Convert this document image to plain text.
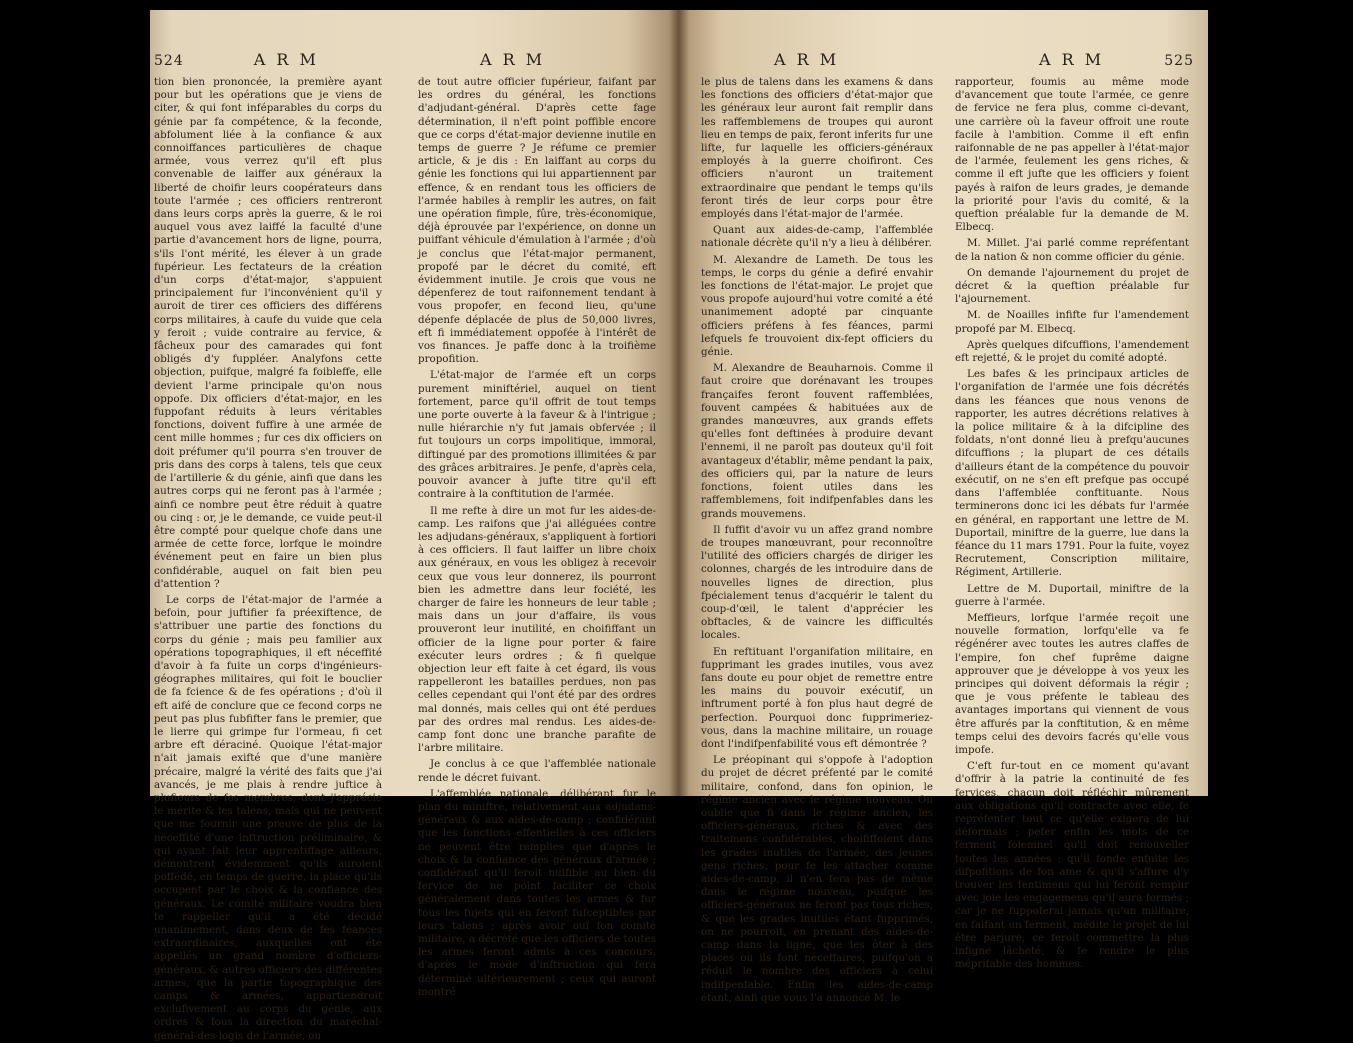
524	A R M	A R M

tion bien prononcée, la première ayant pour but les opérations que je viens de citer, & qui font inféparables du corps du génie par fa compétence, & la feconde, abfolument liée à la confiance & aux connoiffances particulières de chaque armée, vous verrez qu'il eft plus convenable de laiffer aux généraux la liberté de choifir leurs coopérateurs dans toute l'armée ; ces officiers rentreront dans leurs corps après la guerre, & le roi auquel vous avez laiffé la faculté d'une partie d'avancement hors de ligne, pourra, s'ils l'ont mérité, les élever à un grade fupérieur. Les fectateurs de la création d'un corps d'état-major, s'appuient principalement fur l'inconvénient qu'il y auroit de tirer ces officiers des différens corps militaires, à caufe du vuide que cela y feroit ; vuide contraire au fervice, & fâcheux pour des camarades qui font obligés d'y fuppléer. Analyfons cette objection, puifque, malgré fa foibleffe, elle devient l'arme principale qu'on nous oppofe. Dix officiers d'état-major, en les fuppofant réduits à leurs véritables fonctions, doivent fuffire à une armée de cent mille hommes ; fur ces dix officiers on doit préfumer qu'il pourra s'en trouver de pris dans des corps à talens, tels que ceux de l'artillerie & du génie, ainfi que dans les autres corps qui ne feront pas à l'armée ; ainfi ce nombre peut être réduit à quatre ou cinq : or, je le demande, ce vuide peut-il être compté pour quelque chofe dans une armée de cette force, lorfque le moindre événement peut en faire un bien plus confidérable, auquel on fait bien peu d'attention ?

Le corps de l'état-major de l'armée a befoin, pour juftifier fa préexiftence, de s'attribuer une partie des fonctions du corps du génie ; mais peu familier aux opérations topographiques, il eft néceffité d'avoir à fa fuite un corps d'ingénieurs-géographes militaires, qui foit le bouclier de fa fcience & de fes opérations ; d'où il eft aifé de conclure que ce fecond corps ne peut pas plus fubfifter fans le premier, que le lierre qui grimpe fur l'ormeau, fi cet arbre eft déraciné. Quoique l'état-major n'ait jamais exifté que d'une manière précaire, malgré la vérité des faits que j'ai avancés, je me plais à rendre juftice à plufieurs de fes membres, dont j'apprécie le mérite & les talens, mais qui ne peuvent que me fournir une preuve de plus de la néceffité d'une inftruction préliminaire, & qui ayant fait leur apprentiffage ailleurs, démontrent évidemment qu'ils auroient poffédé, en temps de guerre, la place qu'ils occupent par le choix & la confiance des généraux. Le comité militaire voudra bien fe rappeller qu'il a été décidé unanimement, dans deux de fes féances extraordinaires, auxquelles ont été appellés un grand nombre d'officiers-généraux, & autres officiers des différentes armes, que la partie topographique des camps & armées, appartiendroit exclufivement au corps du génie, aux ordres & fous la direction du maréchal-général-des-logis de l'armée, ou

de tout autre officier fupérieur, faifant par les ordres du général, les fonctions d'adjudant-général. D'après cette fage détermination, il n'eft point poffible encore que ce corps d'état-major devienne inutile en temps de guerre ? Je réfume ce premier article, & je dis : En laiffant au corps du génie les fonctions qui lui appartiennent par effence, & en rendant tous les officiers de l'armée habiles à remplir les autres, on fait une opération fimple, fûre, très-économique, déjà éprouvée par l'expérience, on donne un puiffant véhicule d'émulation à l'armée ; d'où je conclus que l'état-major permanent, propofé par le décret du comité, eft évidemment inutile. Je crois que vous ne dépenferez de tout raifonnement tendant à vous propofer, en fecond lieu, qu'une dépenfe déplacée de plus de 50,000 livres, eft fi immédiatement oppofée à l'intérêt de vos finances. Je paffe donc à la troifième propofition.

L'état-major de l'armée eft un corps purement miniftériel, auquel on tient fortement, parce qu'il offrit de tout temps une porte ouverte à la faveur & à l'intrigue ; nulle hiérarchie n'y fut jamais obfervée ; il fut toujours un corps impolitique, immoral, diftingué par des promotions illimitées & par des grâces arbitraires. Je penfe, d'après cela, pouvoir avancer à jufte titre qu'il eft contraire à la conftitution de l'armée.

Il me refte à dire un mot fur les aides-de-camp. Les raifons que j'ai alléguées contre les adjudans-généraux, s'appliquent à fortiori à ces officiers. Il faut laiffer un libre choix aux généraux, en vous les obligez à recevoir ceux que vous leur donnerez, ils pourront bien les admettre dans leur fociété, les charger de faire les honneurs de leur table ; mais dans un jour d'affaire, ils vous prouveront leur inutilité, en choififfant un officier de la ligne pour porter & faire exécuter leurs ordres ; & fi quelque objection leur eft faite à cet égard, ils vous rappelleront les batailles perdues, non pas celles cependant qui l'ont été par des ordres mal donnés, mais celles qui ont été perdues par des ordres mal rendus. Les aides-de-camp font donc une branche parafite de l'arbre militaire.

Je conclus à ce que l'affemblée nationale rende le décret fuivant.

L'affemblée nationale, délibérant fur le plan du miniftre, relativement aux adjudans-généraux & aux aides-de-camp ; confidérant que les fonctions effentielles à ces officiers ne peuvent être remplies que d'après le choix & la confiance des généraux d'armée ; confidérant qu'il feroit nuifible au bien du fervice de ne point faciliter ce choix généralement dans toutes les armes & fur tous les fujets qui en feront fufceptibles par leurs talens ; après avoir ouï fon comité militaire, a décrété que les officiers de toutes les armes feront admis à ces concours, d'après le mode d'inftruction qui fera déterminé ultérieurement ; ceux qui auront montré

A R M	A R M	525

le plus de talens dans les examens & dans les fonctions des officiers d'état-major que les généraux leur auront fait remplir dans les raffemblemens de troupes qui auront lieu en temps de paix, feront inferits fur une lifte, fur laquelle les officiers-généraux employés à la guerre choifiront. Ces officiers n'auront un traitement extraordinaire que pendant le temps qu'ils feront tirés de leur corps pour être employés dans l'état-major de l'armée.

Quant aux aides-de-camp, l'affemblée nationale décrète qu'il n'y a lieu à délibérer.

M. Alexandre de Lameth. De tous les temps, le corps du génie a defiré envahir les fonctions de l'état-major. Le projet que vous propofe aujourd'hui votre comité a été unanimement adopté par cinquante officiers préfens à fes féances, parmi lefquels fe trouvoient dix-fept officiers du génie.

M. Alexandre de Beauharnois. Comme il faut croire que dorénavant les troupes françaifes feront fouvent raffemblées, fouvent campées & habituées aux de grandes manœuvres, aux grands effets qu'elles font deftinées à produire devant l'ennemi, il ne paroît pas douteux qu'il foit avantageux d'établir, même pendant la paix, des officiers qui, par la nature de leurs fonctions, foient utiles dans les raffemblemens, foit indifpenfables dans les grands mouvemens.

Il fuffit d'avoir vu un affez grand nombre de troupes manœuvrant, pour reconnoître l'utilité des officiers chargés de diriger les colonnes, chargés de les introduire dans de nouvelles lignes de direction, plus fpécialement tenus d'acquérir le talent du coup-d'œil, le talent d'apprécier les obftacles, & de vaincre les difficultés locales.

En reftituant l'organifation militaire, en fupprimant les grades inutiles, vous avez fans doute eu pour objet de remettre entre les mains du pouvoir exécutif, un inftrument porté à fon plus haut degré de perfection. Pourquoi donc fupprimeriez-vous, dans la machine militaire, un rouage dont l'indifpenfabilité vous eft démontrée ?

Le préopinant qui s'oppofe à l'adoption du projet de décret préfenté par le comité militaire, confond, dans fon opinion, le régime ancien avec le régime nouveau. On oublie que fi dans le régime ancien, les officiers-généraux, riches & avec des traitemens confidérables, choififfoient dans les grades inutiles de l'armée, des jeunes gens riches, pour fe les attacher comme aides-de-camp, il n'en fera pas de même dans le régime nouveau, puifque les officiers-généraux ne feront pas tous riches, & que les grades inutiles étant fupprimés, on ne pourroit, en prenant des aides-de-camp dans la ligne, que les ôter à des places où ils font néceffaires, puifqu'on a réduit le nombre des officiers à celui indifpenfable. Enfin les aides-de-camp étant, ainfi que vous l'a annoncé M. le

rapporteur, foumis au même mode d'avancement que toute l'armée, ce genre de fervice ne fera plus, comme ci-devant, une carrière où la faveur offroit une route facile à l'ambition. Comme il eft enfin raifonnable de ne pas appeller à l'état-major de l'armée, feulement les gens riches, & comme il eft jufte que les officiers y foient payés à raifon de leurs grades, je demande la priorité pour l'avis du comité, & la queftion préalable fur la demande de M. Elbecq.

M. Millet. J'ai parlé comme repréfentant de la nation & non comme officier du génie.

On demande l'ajournement du projet de décret & la queftion préalable fur l'ajournement.

M. de Noailles infifte fur l'amendement propofé par M. Elbecq.

Après quelques difcuffions, l'amendement eft rejetté, & le projet du comité adopté.

Les bafes & les principaux articles de l'organifation de l'armée une fois décrétés dans les féances que nous venons de rapporter, les autres décrétions relatives à la police militaire & à la difcipline des foldats, n'ont donné lieu à prefqu'aucunes difcuffions ; la plupart de ces détails d'ailleurs étant de la compétence du pouvoir exécutif, on ne s'en eft prefque pas occupé dans l'affemblée conftituante. Nous terminerons donc ici les débats fur l'armée en général, en rapportant une lettre de M. Duportail, miniftre de la guerre, lue dans la féance du 11 mars 1791. Pour la fuite, voyez Recrutement, Conscription militaire, Régiment, Artillerie.

Lettre de M. Duportail, miniftre de la guerre à l'armée.

Meffieurs, lorfque l'armée reçoit une nouvelle formation, lorfqu'elle va fe régénérer avec toutes les autres claffes de l'empire, fon chef fuprême daigne approuver que je développe à vos yeux les principes qui doivent déformais la régir ; que je vous préfente le tableau des avantages importans qui viennent de vous être affurés par la conftitution, & en même temps celui des devoirs facrés qu'elle vous impofe.

C'eft fur-tout en ce moment qu'avant d'offrir à la patrie la continuité de fes fervices, chacun doit réfléchir mûrement aux obligations qu'il contracte avec elle, fe repréfenter tout ce qu'elle exigera de lui déformais ; pefer enfin les mots de ce ferment folemnel qu'il doit renouveller toutes les années : qu'il fonde enfuite les difpofitions de fon ame & qu'il s'affure d'y trouver les fentimens qui lui feront remplir avec joie les engagemens qu'il aura formés ; car je ne fuppoferai jamais qu'un militaire, en faifant un ferment, médite le projet de lui être parjure, ce feroit commettre la plus infigne lâcheté, & fe rendre le plus méprifable des hommes.
